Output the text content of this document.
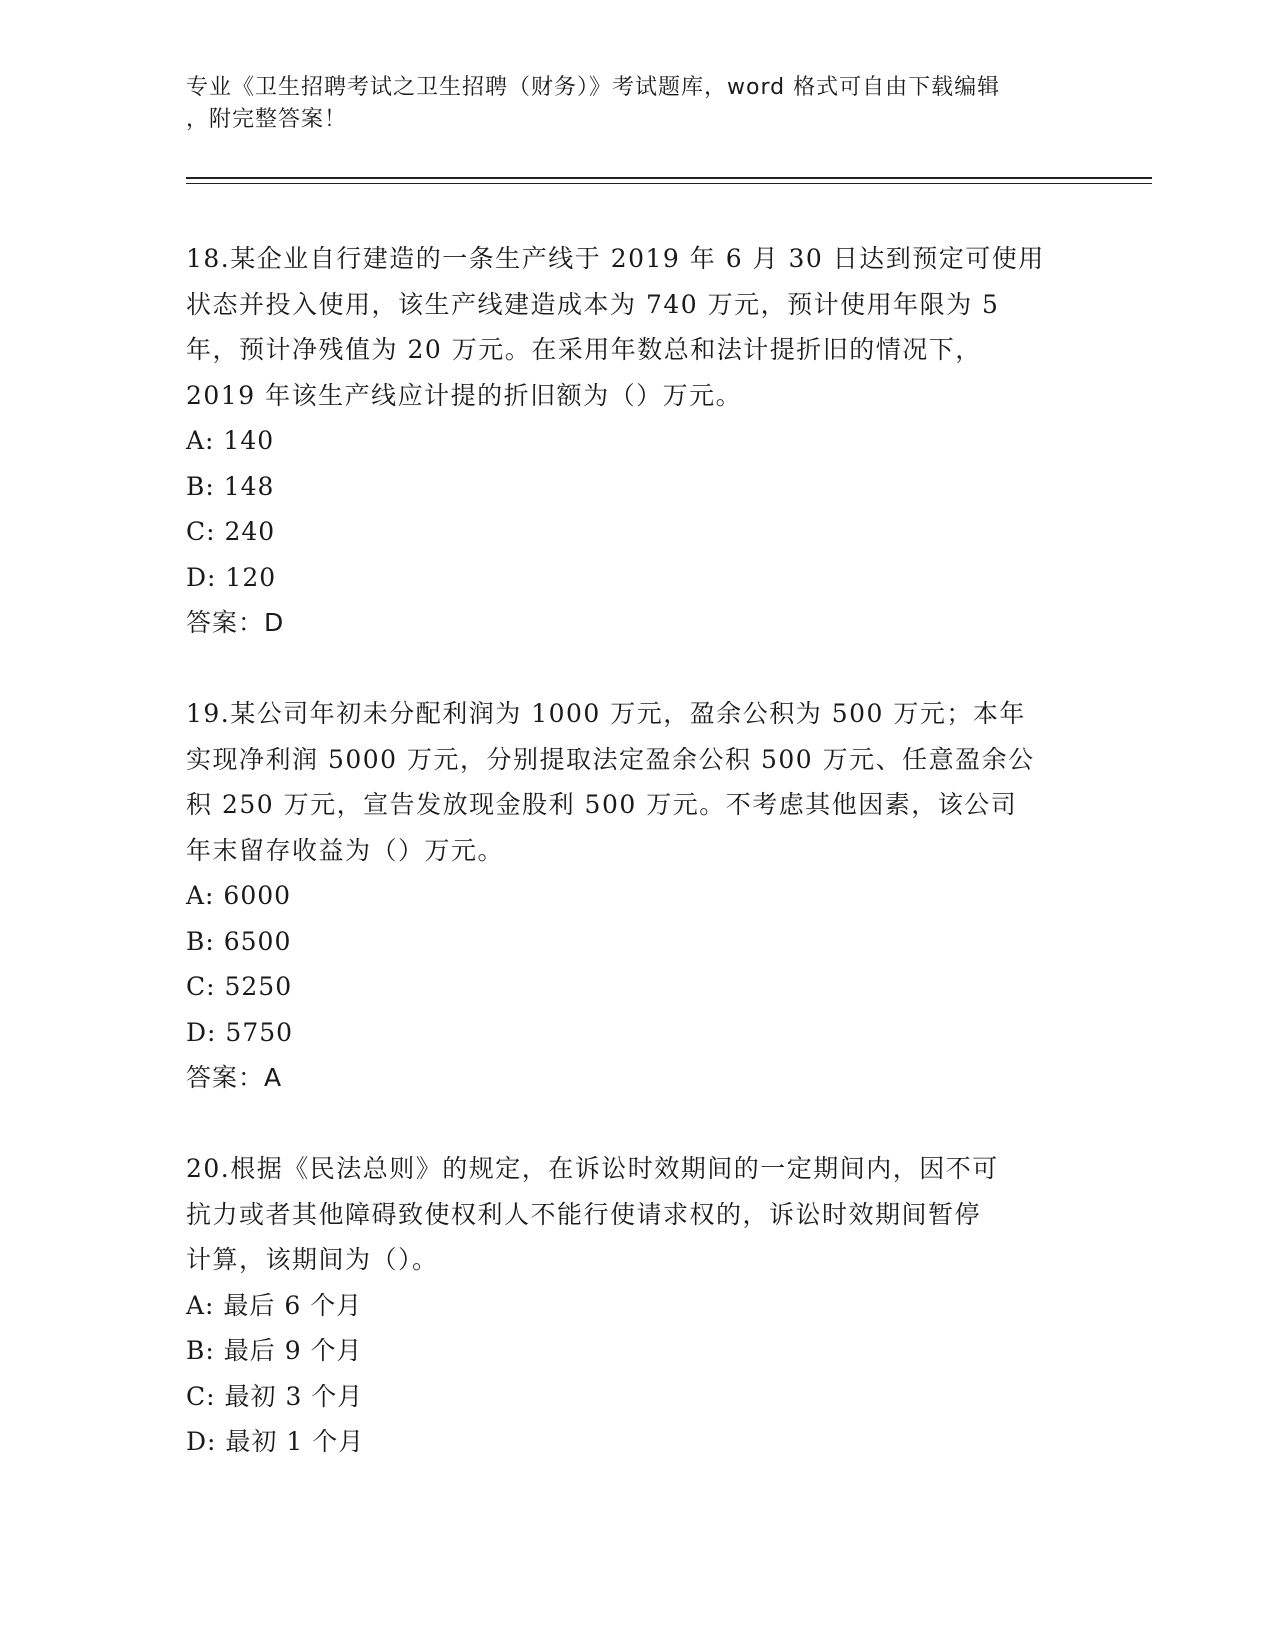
专业《卫生招聘考试之卫生招聘（财务）》考试题库，word 格式可自由下载编辑
，附完整答案！

18.某企业自行建造的一条生产线于 2019 年 6 月 30 日达到预定可使用

状态并投入使用，该生产线建造成本为 740 万元，预计使用年限为 5

年，预计净残值为 20 万元。在采用年数总和法计提折旧的情况下，

2019 年该生产线应计提的折旧额为（）万元。

A: 140

B: 148

C: 240

D: 120

答案：D

19.某公司年初未分配利润为 1000 万元，盈余公积为 500 万元；本年

实现净利润 5000 万元，分别提取法定盈余公积 500 万元、任意盈余公

积 250 万元，宣告发放现金股利 500 万元。不考虑其他因素，该公司

年末留存收益为（）万元。

A: 6000

B: 6500

C: 5250

D: 5750

答案：A

20.根据《民法总则》的规定，在诉讼时效期间的一定期间内，因不可

抗力或者其他障碍致使权利人不能行使请求权的，诉讼时效期间暂停

计算，该期间为（）。

A: 最后 6 个月

B: 最后 9 个月

C: 最初 3 个月

D: 最初 1 个月
